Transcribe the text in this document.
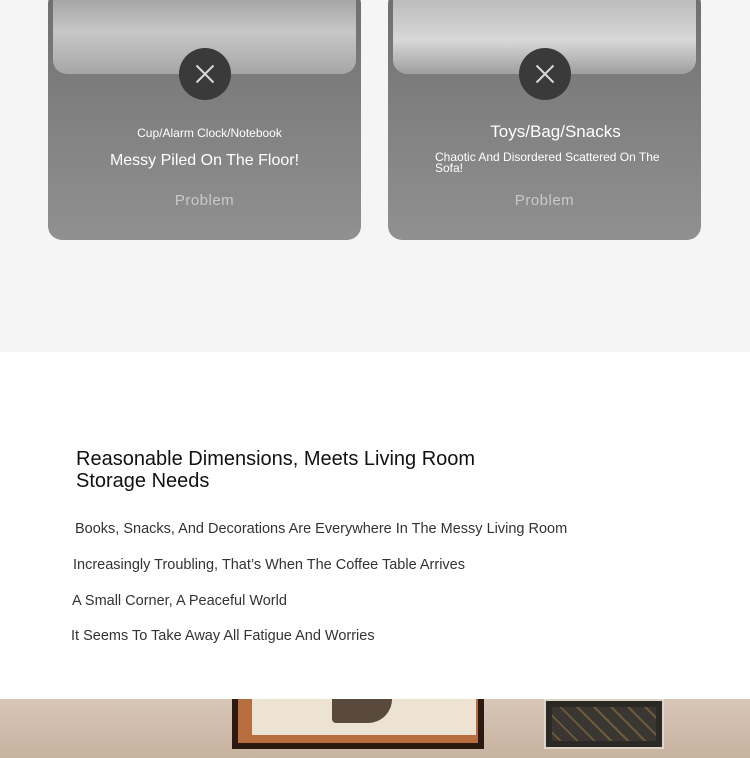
Cup/Alarm Clock/Notebook
Messy Piled On The Floor!
Problem
Toys/Bag/Snacks
Chaotic And Disordered Scattered On The Sofa!
Problem
Reasonable Dimensions, Meets Living Room Storage Needs
Books, Snacks, And Decorations Are Everywhere In The Messy Living Room
Increasingly Troubling, That’s When The Coffee Table Arrives
A Small Corner, A Peaceful World
It Seems To Take Away All Fatigue And Worries
